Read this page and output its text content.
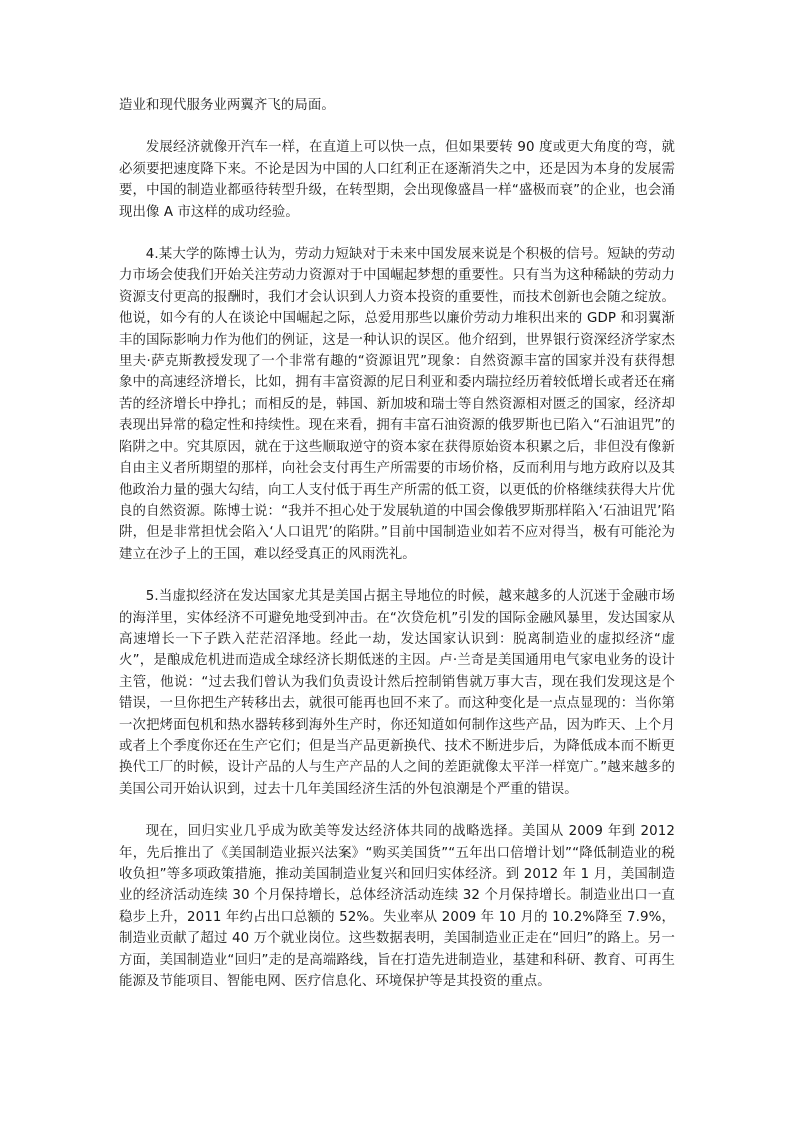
造业和现代服务业两翼齐飞的局面。

发展经济就像开汽车一样，在直道上可以快一点，但如果要转 90 度或更大角度的弯，就必须要把速度降下来。不论是因为中国的人口红利正在逐渐消失之中，还是因为本身的发展需要，中国的制造业都亟待转型升级，在转型期，会出现像盛昌一样“盛极而衰”的企业，也会涌现出像 A 市这样的成功经验。

4.某大学的陈博士认为，劳动力短缺对于未来中国发展来说是个积极的信号。短缺的劳动力市场会使我们开始关注劳动力资源对于中国崛起梦想的重要性。只有当为这种稀缺的劳动力资源支付更高的报酬时，我们才会认识到人力资本投资的重要性，而技术创新也会随之绽放。他说，如今有的人在谈论中国崛起之际，总爱用那些以廉价劳动力堆积出来的 GDP 和羽翼渐丰的国际影响力作为他们的例证，这是一种认识的误区。他介绍到，世界银行资深经济学家杰里夫·萨克斯教授发现了一个非常有趣的“资源诅咒”现象：自然资源丰富的国家并没有获得想象中的高速经济增长，比如，拥有丰富资源的尼日利亚和委内瑞拉经历着较低增长或者还在痛苦的经济增长中挣扎；而相反的是，韩国、新加坡和瑞士等自然资源相对匮乏的国家，经济却表现出异常的稳定性和持续性。现在来看，拥有丰富石油资源的俄罗斯也已陷入“石油诅咒”的陷阱之中。究其原因，就在于这些顺取逆守的资本家在获得原始资本积累之后，非但没有像新自由主义者所期望的那样，向社会支付再生产所需要的市场价格，反而利用与地方政府以及其他政治力量的强大勾结，向工人支付低于再生产所需的低工资，以更低的价格继续获得大片优良的自然资源。陈博士说：“我并不担心处于发展轨道的中国会像俄罗斯那样陷入‘石油诅咒’陷阱，但是非常担忧会陷入‘人口诅咒’的陷阱。”目前中国制造业如若不应对得当，极有可能沦为建立在沙子上的王国，难以经受真正的风雨洗礼。

5.当虚拟经济在发达国家尤其是美国占据主导地位的时候，越来越多的人沉迷于金融市场的海洋里，实体经济不可避免地受到冲击。在“次贷危机”引发的国际金融风暴里，发达国家从高速增长一下子跌入茫茫沼泽地。经此一劫，发达国家认识到：脱离制造业的虚拟经济“虚火”，是酿成危机进而造成全球经济长期低迷的主因。卢·兰奇是美国通用电气家电业务的设计主管，他说：“过去我们曾认为我们负责设计然后控制销售就万事大吉，现在我们发现这是个错误，一旦你把生产转移出去，就很可能再也回不来了。而这种变化是一点点显现的：当你第一次把烤面包机和热水器转移到海外生产时，你还知道如何制作这些产品，因为昨天、上个月或者上个季度你还在生产它们；但是当产品更新换代、技术不断进步后，为降低成本而不断更换代工厂的时候，设计产品的人与生产产品的人之间的差距就像太平洋一样宽广。”越来越多的美国公司开始认识到，过去十几年美国经济生活的外包浪潮是个严重的错误。

现在，回归实业几乎成为欧美等发达经济体共同的战略选择。美国从 2009 年到 2012 年，先后推出了《美国制造业振兴法案》“购买美国货”“五年出口倍增计划”“降低制造业的税收负担”等多项政策措施，推动美国制造业复兴和回归实体经济。到 2012 年 1 月，美国制造业的经济活动连续 30 个月保持增长，总体经济活动连续 32 个月保持增长。制造业出口一直稳步上升，2011 年约占出口总额的 52%。失业率从 2009 年 10 月的 10.2%降至 7.9%，制造业贡献了超过 40 万个就业岗位。这些数据表明，美国制造业正走在“回归”的路上。另一方面，美国制造业“回归”走的是高端路线，旨在打造先进制造业，基建和科研、教育、可再生能源及节能项目、智能电网、医疗信息化、环境保护等是其投资的重点。
